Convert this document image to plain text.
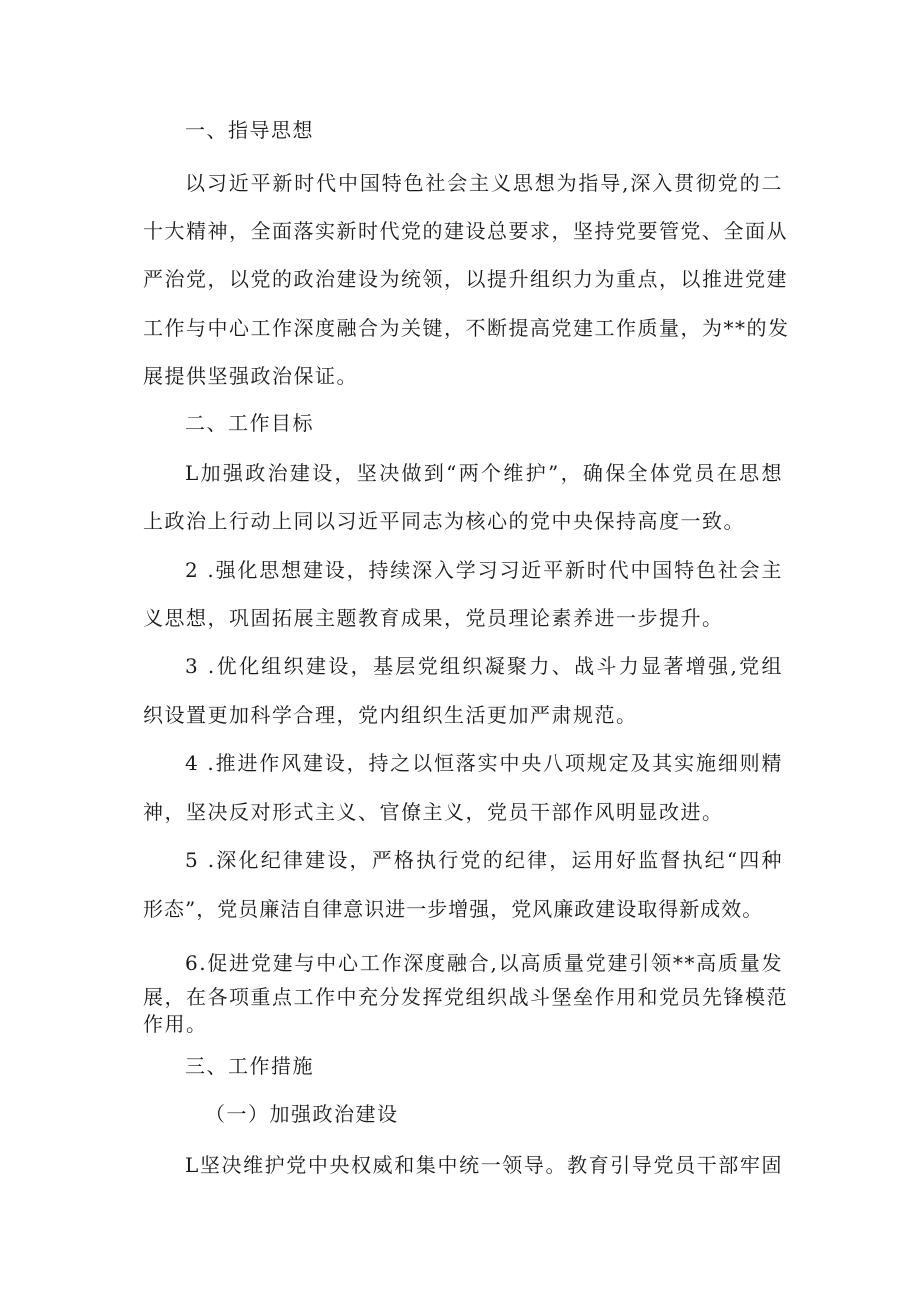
一、指导思想
以习近平新时代中国特色社会主义思想为指导,深入贯彻党的二
十大精神，全面落实新时代党的建设总要求，坚持党要管党、全面从
严治党，以党的政治建设为统领，以提升组织力为重点，以推进党建
工作与中心工作深度融合为关键，不断提高党建工作质量，为**的发
展提供坚强政治保证。
二、工作目标
L加强政治建设，坚决做到“两个维护”，确保全体党员在思想
上政治上行动上同以习近平同志为核心的党中央保持高度一致。
2 .强化思想建设，持续深入学习习近平新时代中国特色社会主
义思想，巩固拓展主题教育成果，党员理论素养进一步提升。
3 .优化组织建设，基层党组织凝聚力、战斗力显著增强,党组
织设置更加科学合理，党内组织生活更加严肃规范。
4 .推进作风建设，持之以恒落实中央八项规定及其实施细则精
神，坚决反对形式主义、官僚主义，党员干部作风明显改进。
5 .深化纪律建设，严格执行党的纪律，运用好监督执纪“四种
形态”，党员廉洁自律意识进一步增强，党风廉政建设取得新成效。
6.促进党建与中心工作深度融合,以高质量党建引领**高质量发
展，在各项重点工作中充分发挥党组织战斗堡垒作用和党员先锋模范
作用。
三、工作措施
（一）加强政治建设
L坚决维护党中央权威和集中统一领导。教育引导党员干部牢固
